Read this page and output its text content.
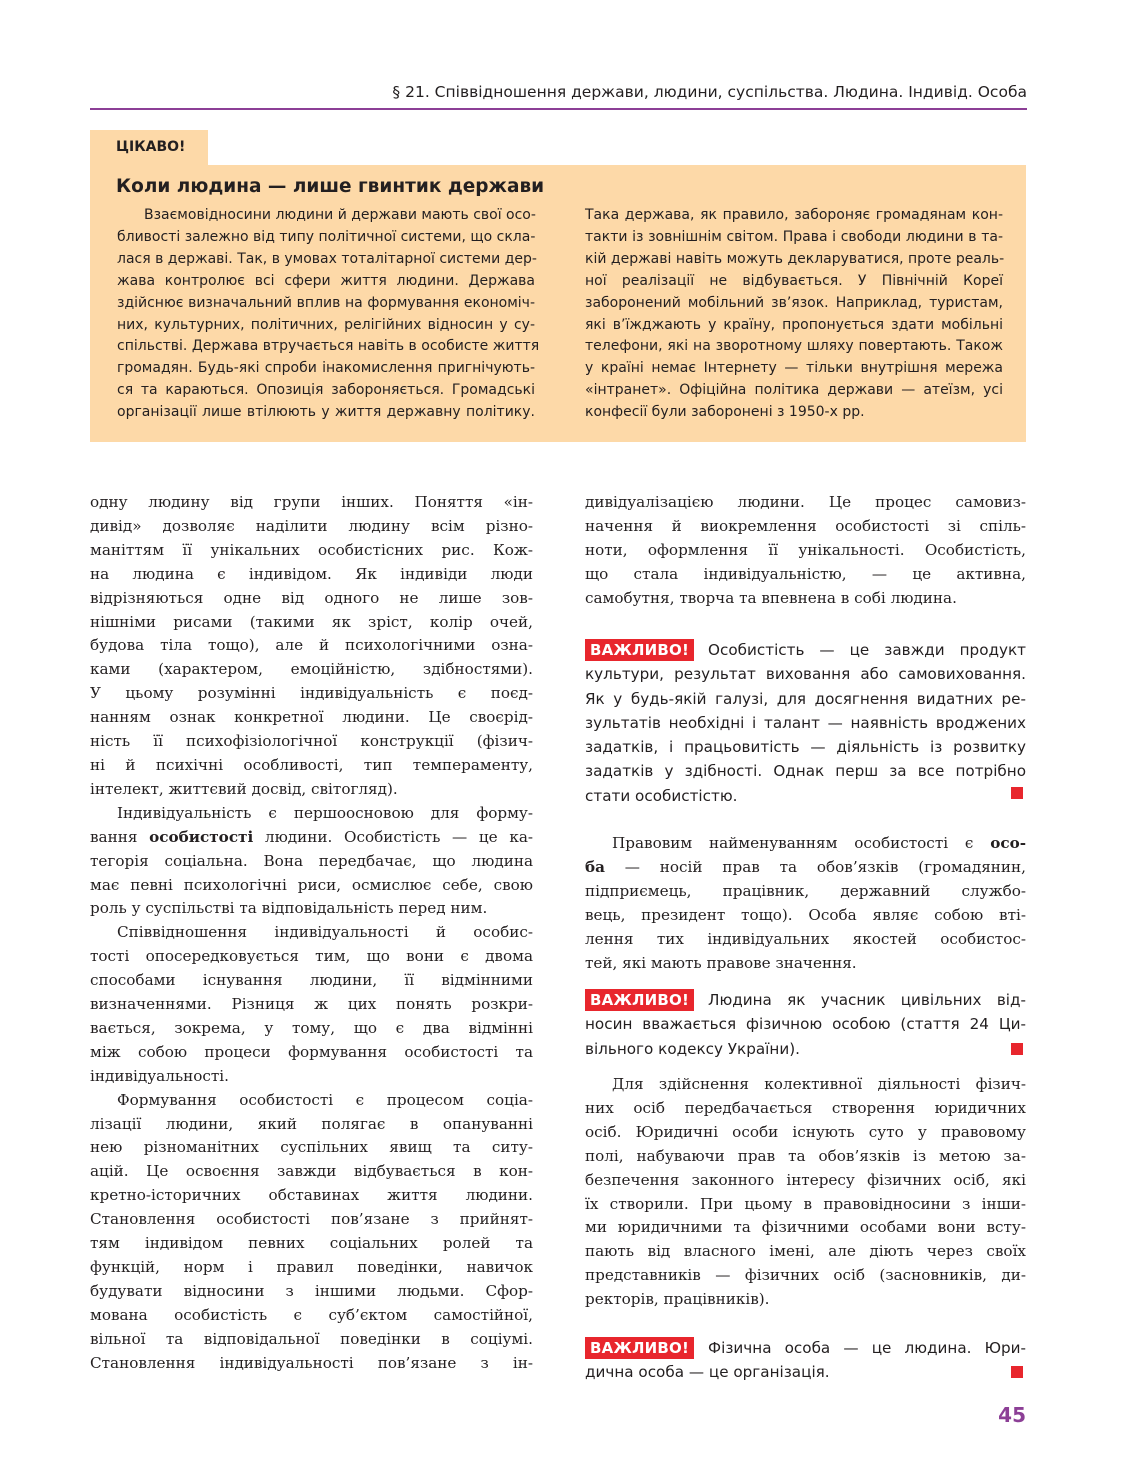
§ 21. Співвідношення держави, людини, суспільства. Людина. Індивід. Особа
ЦІКАВО!
Коли людина — лише гвинтик держави
Взаємовідносини людини й держави мають свої осо-
бливості залежно від типу політичної системи, що скла-
лася в державі. Так, в умовах тоталітарної системи дер-
жава контролює всі сфери життя людини. Держава
здійснює визначальний вплив на формування економіч-
них, культурних, політичних, релігійних відносин у су-
спільстві. Держава втручається навіть в особисте життя
громадян. Будь-які спроби інакомислення пригнічують-
ся та караються. Опозиція забороняється. Громадські
організації лише втілюють у життя державну політику.
Така держава, як правило, забороняє громадянам кон-
такти із зовнішнім світом. Права і свободи людини в та-
кій державі навіть можуть декларуватися, проте реаль-
ної реалізації не відбувається. У Північній Кореї
заборонений мобільний зв’язок. Наприклад, туристам,
які в’їжджають у країну, пропонується здати мобільні
телефони, які на зворотному шляху повертають. Також
у країні немає Інтернету — тільки внутрішня мережа
«інтранет». Офіційна політика держави — атеїзм, усі
конфесії були заборонені з 1950-х рр.
одну людину від групи інших. Поняття «ін-
дивід» дозволяє наділити людину всім різно-
маніттям її унікальних особистісних рис. Кож-
на людина є індивідом. Як індивіди люди
відрізняються одне від одного не лише зов-
нішніми рисами (такими як зріст, колір очей,
будова тіла тощо), але й психологічними озна-
ками (характером, емоційністю, здібностями).
У цьому розумінні індивідуальність є поєд-
нанням ознак конкретної людини. Це своєрід-
ність її психофізіологічної конструкції (фізич-
ні й психічні особливості, тип темпераменту,
інтелект, життєвий досвід, світогляд).
Індивідуальність є першоосновою для форму-
вання особистості людини. Особистість — це ка-
тегорія соціальна. Вона передбачає, що людина
має певні психологічні риси, осмислює себе, свою
роль у суспільстві та відповідальність перед ним.
Співвідношення індивідуальності й особис-
тості опосередковується тим, що вони є двома
способами існування людини, її відмінними
визначеннями. Різниця ж цих понять розкри-
вається, зокрема, у тому, що є два відмінні
між собою процеси формування особистості та
індивідуальності.
Формування особистості є процесом соціа-
лізації людини, який полягає в опануванні
нею різноманітних суспільних явищ та ситу-
ацій. Це освоєння завжди відбувається в кон-
кретно-історичних обставинах життя людини.
Становлення особистості пов’язане з прийнят-
тям індивідом певних соціальних ролей та
функцій, норм і правил поведінки, навичок
будувати відносини з іншими людьми. Сфор-
мована особистість є суб’єктом самостійної,
вільної та відповідальної поведінки в соціумі.
Становлення індивідуальності пов’язане з ін-
дивідуалізацією людини. Це процес самовиз-
начення й виокремлення особистості зі спіль-
ноти, оформлення її унікальності. Особистість,
що стала індивідуальністю, — це активна,
самобутня, творча та впевнена в собі людина.
ВАЖЛИВО! Особистість — це завжди продукт
культури, результат виховання або самовиховання.
Як у будь-якій галузі, для досягнення видатних ре-
зультатів необхідні і талант — наявність вроджених
задатків, і працьовитість — діяльність із розвитку
задатків у здібності. Однак перш за все потрібно
стати особистістю.
Правовим найменуванням особистості є осо-
ба — носій прав та обов’язків (громадянин,
підприємець, працівник, державний службо-
вець, президент тощо). Особа являє собою вті-
лення тих індивідуальних якостей особистос-
тей, які мають правове значення.
ВАЖЛИВО! Людина як учасник цивільних від-
носин вважається фізичною особою (стаття 24 Ци-
вільного кодексу України).
Для здійснення колективної діяльності фізич-
них осіб передбачається створення юридичних
осіб. Юридичні особи існують суто у правовому
полі, набуваючи прав та обов’язків із метою за-
безпечення законного інтересу фізичних осіб, які
їх створили. При цьому в правовідносини з інши-
ми юридичними та фізичними особами вони всту-
пають від власного імені, але діють через своїх
представників — фізичних осіб (засновників, ди-
ректорів, працівників).
ВАЖЛИВО! Фізична особа — це людина. Юри-
дична особа — це організація.
45
